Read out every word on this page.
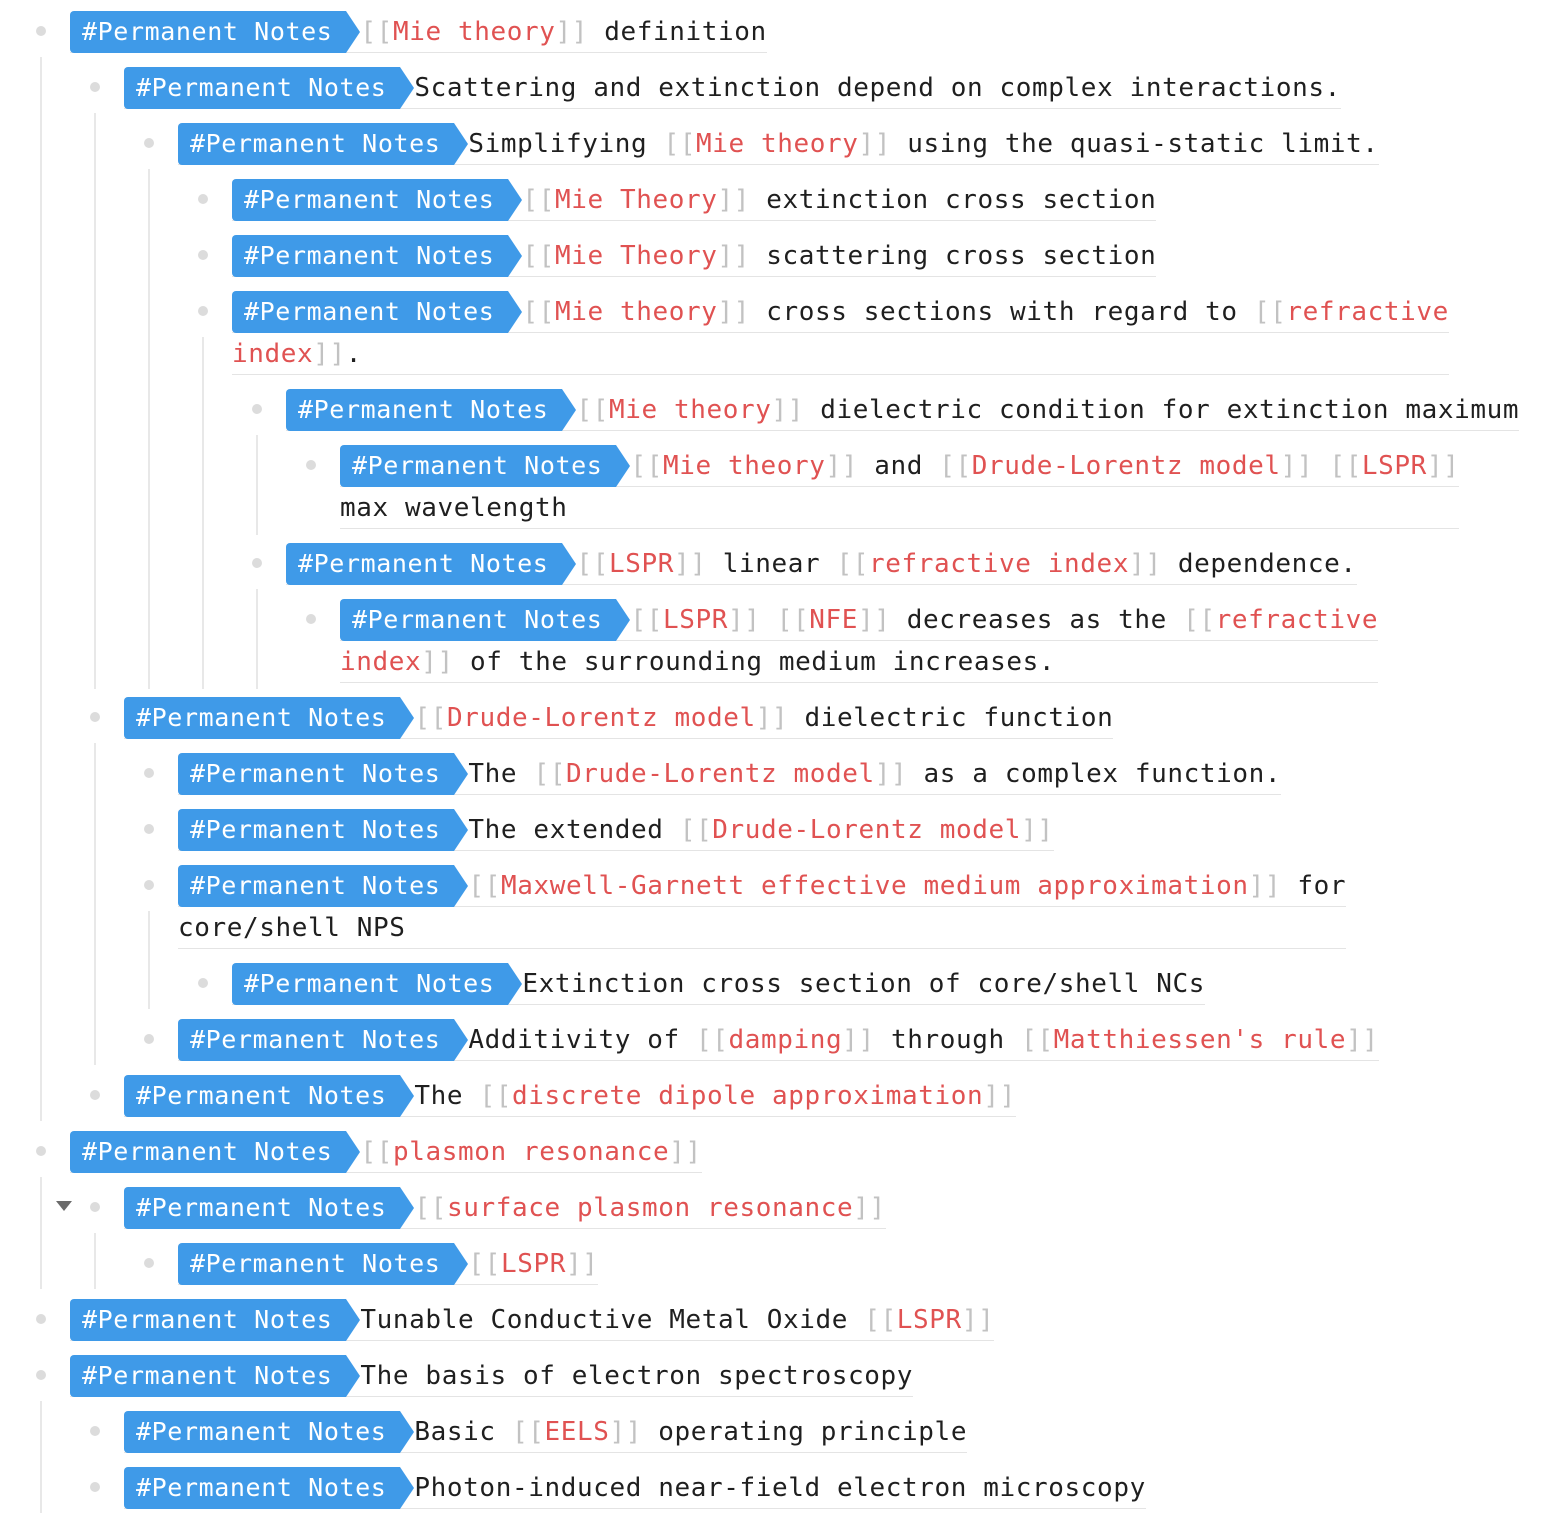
#Permanent Notes [[Mie theory]] definition
#Permanent Notes Scattering and extinction depend on complex interactions.
#Permanent Notes Simplifying [[Mie theory]] using the quasi-static limit.
#Permanent Notes [[Mie Theory]] extinction cross section
#Permanent Notes [[Mie Theory]] scattering cross section
#Permanent Notes [[Mie theory]] cross sections with regard to [[refractive
index]].
#Permanent Notes [[Mie theory]] dielectric condition for extinction maximum
#Permanent Notes [[Mie theory]] and [[Drude-Lorentz model]] [[LSPR]]
max wavelength
#Permanent Notes [[LSPR]] linear [[refractive index]] dependence.
#Permanent Notes [[LSPR]] [[NFE]] decreases as the [[refractive
index]] of the surrounding medium increases.
#Permanent Notes [[Drude-Lorentz model]] dielectric function
#Permanent Notes The [[Drude-Lorentz model]] as a complex function.
#Permanent Notes The extended [[Drude-Lorentz model]]
#Permanent Notes [[Maxwell-Garnett effective medium approximation]] for
core/shell NPS
#Permanent Notes Extinction cross section of core/shell NCs
#Permanent Notes Additivity of [[damping]] through [[Matthiessen's rule]]
#Permanent Notes The [[discrete dipole approximation]]
#Permanent Notes [[plasmon resonance]]
#Permanent Notes [[surface plasmon resonance]]
#Permanent Notes [[LSPR]]
#Permanent Notes Tunable Conductive Metal Oxide [[LSPR]]
#Permanent Notes The basis of electron spectroscopy
#Permanent Notes Basic [[EELS]] operating principle
#Permanent Notes Photon-induced near-field electron microscopy
